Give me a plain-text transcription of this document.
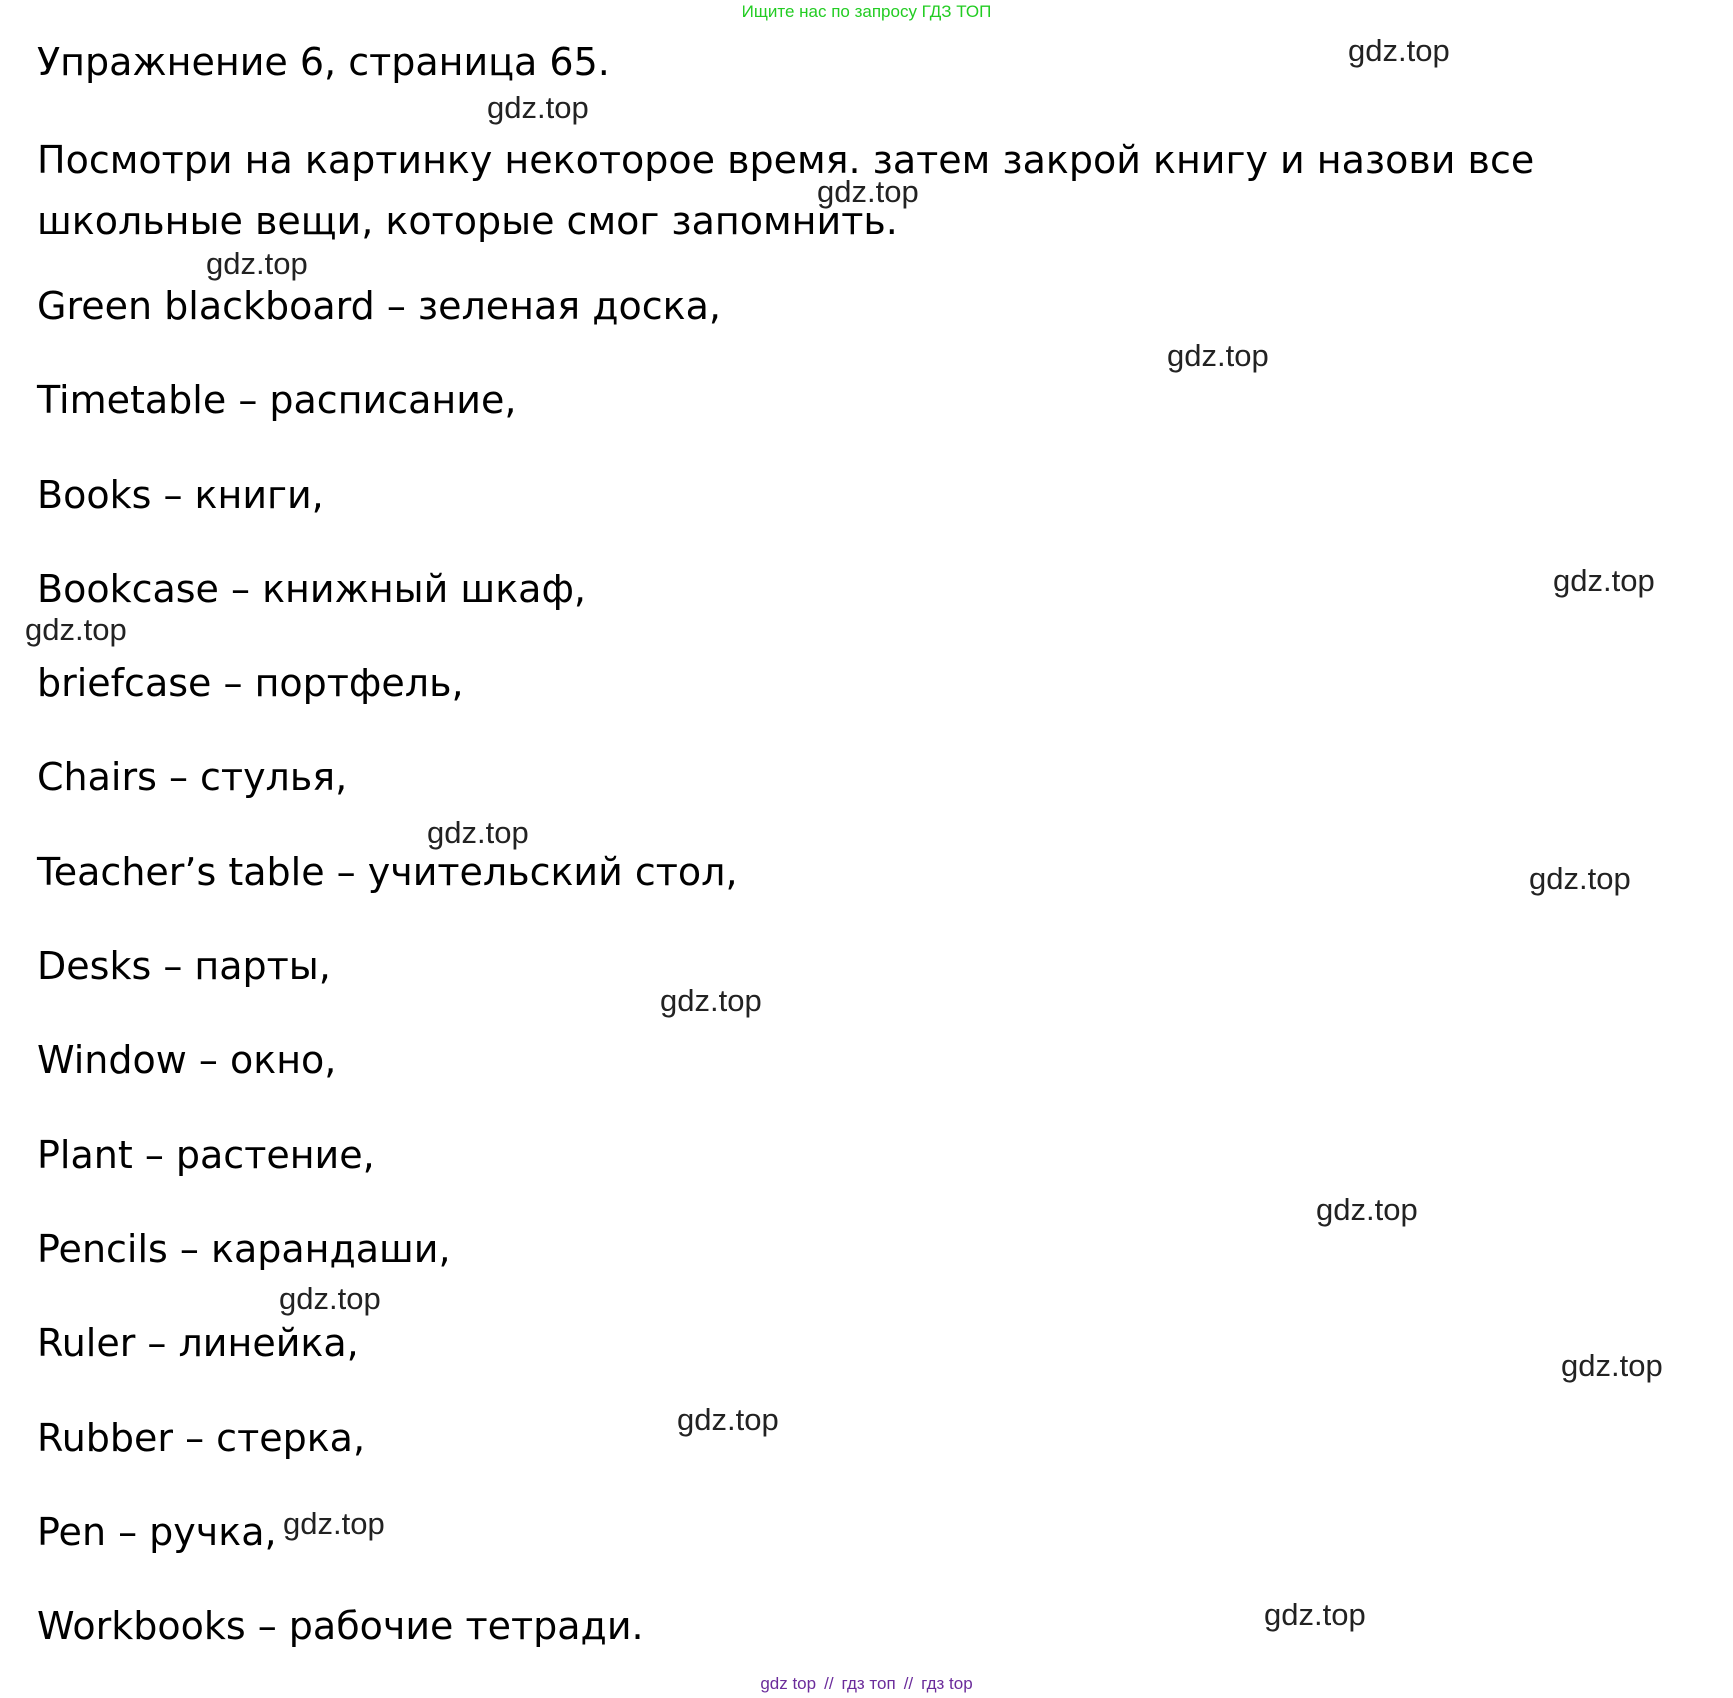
Ищите нас по запросу ГДЗ ТОП
Упражнение 6, страница 65.
Посмотри на картинку некоторое время. затем закрой книгу и назови все школьные вещи, которые смог запомнить.
Green blackboard – зеленая доска,
Timetable – расписание,
Books – книги,
Bookcase – книжный шкаф,
briefcase – портфель,
Chairs – стулья,
Teacher’s table – учительский стол,
Desks – парты,
Window – окно,
Plant – растение,
Pencils – карандаши,
Ruler – линейка,
Rubber – стерка,
Pen – ручка,
Workbooks – рабочие тетради.
gdz.top
gdz.top
gdz.top
gdz.top
gdz.top
gdz.top
gdz.top
gdz.top
gdz.top
gdz.top
gdz.top
gdz.top
gdz.top
gdz.top
gdz.top
gdz.top
gdz top // гдз топ // гдз top
